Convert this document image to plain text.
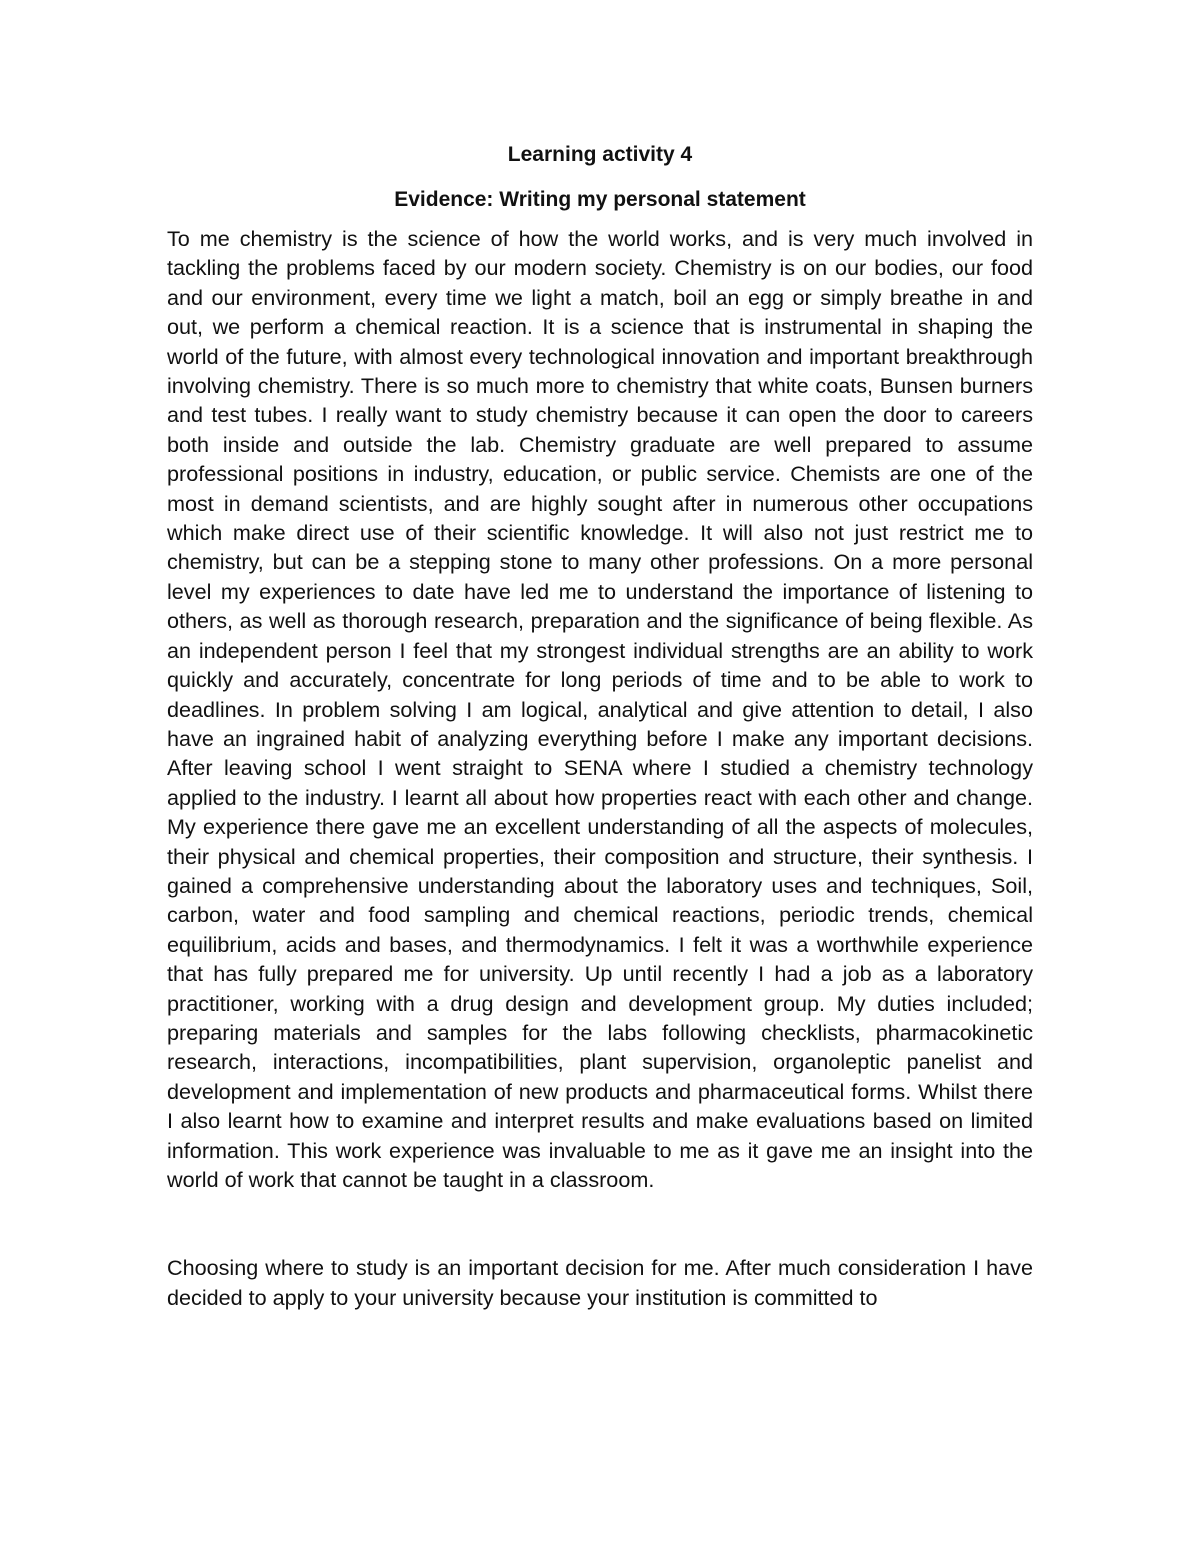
Learning activity 4
Evidence: Writing my personal statement

To me chemistry is the science of how the world works, and is very much involved in tackling the problems faced by our modern society. Chemistry is on our bodies, our food and our environment, every time we light a match, boil an egg or simply breathe in and out, we perform a chemical reaction. It is a science that is instrumental in shaping the world of the future, with almost every technological innovation and important breakthrough involving chemistry. There is so much more to chemistry that white coats, Bunsen burners and test tubes. I really want to study chemistry because it can open the door to careers both inside and outside the lab. Chemistry graduate are well prepared to assume professional positions in industry, education, or public service. Chemists are one of the most in demand scientists, and are highly sought after in numerous other occupations which make direct use of their scientific knowledge. It will also not just restrict me to chemistry, but can be a stepping stone to many other professions. On a more personal level my experiences to date have led me to understand the importance of listening to others, as well as thorough research, preparation and the significance of being flexible. As an independent person I feel that my strongest individual strengths are an ability to work quickly and accurately, concentrate for long periods of time and to be able to work to deadlines. In problem solving I am logical, analytical and give attention to detail, I also have an ingrained habit of analyzing everything before I make any important decisions. After leaving school I went straight to SENA where I studied a chemistry technology applied to the industry. I learnt all about how properties react with each other and change. My experience there gave me an excellent understanding of all the aspects of molecules, their physical and chemical properties, their composition and structure, their synthesis. I gained a comprehensive understanding about the laboratory uses and techniques, Soil, carbon, water and food sampling and chemical reactions, periodic trends, chemical equilibrium, acids and bases, and thermodynamics. I felt it was a worthwhile experience that has fully prepared me for university. Up until recently I had a job as a laboratory practitioner, working with a drug design and development group. My duties included; preparing materials and samples for the labs following checklists, pharmacokinetic research, interactions, incompatibilities, plant supervision, organoleptic panelist and development and implementation of new products and pharmaceutical forms. Whilst there I also learnt how to examine and interpret results and make evaluations based on limited information. This work experience was invaluable to me as it gave me an insight into the world of work that cannot be taught in a classroom.

Choosing where to study is an important decision for me. After much consideration I have decided to apply to your university because your institution is committed to
